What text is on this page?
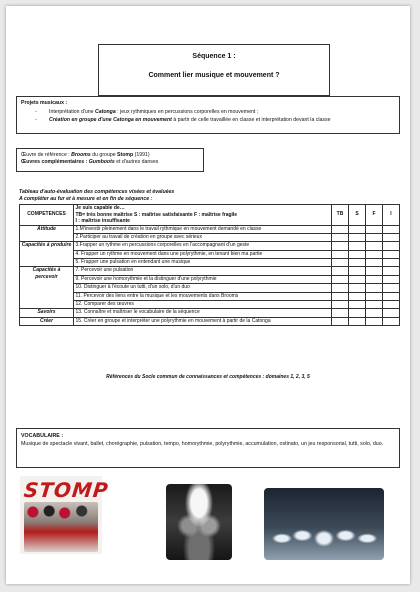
Séquence 1 :
Comment lier musique et mouvement ?
Projets musicaux :
- Interprétation d'une Catonga : jeux rythmiques en percussions corporelles en mouvement ;
- Création en groupe d'une Catonga en mouvement à partir de celle travaillée en classe et interprétation devant la classe
Œuvre de référence : Brooms du groupe Stomp (1991)
Œuvres complémentaires : Gumboots et d'autres danses
Tableau d'auto-évaluation des compétences visées et évaluées
A compléter au fur et à mesure et en fin de séquence :
COMPETENCES	Je suis capable de…
TB= très bonne maîtrise S : maîtrise satisfaisante F : maîtrise fragile
I : maîtrise insuffisante	TB	S	F	I
Attitude	1.M'investir pleinement dans le travail rythmique en mouvement demandé en classe				
	2.Participer au travail de création en groupe avec sérieux				
Capacités à produire	3.Frapper un rythme en percussions corporelles en l'accompagnant d'un geste				
	4. Frapper un rythme en mouvement dans une polyrythmie, en tenant bien ma partie				
	5. Frapper une pulsation en entendant une musique				
Capacités à percevoir	7. Percevoir une pulsation				
	9. Percevoir une homorythmie et la distinguer d'une polyrythmie				
	10. Distinguer à l'écoute un tutti, d'un solo, d'un duo				
	11. Percevoir des liens entre la musique et les mouvements dans Brooms				
	12. Comparer des œuvres				
Savoirs	13. Connaître et maîtriser le vocabulaire de la séquence				
Créer	15. Créer en groupe et interpréter une polyrythmie en mouvement à partir de la Catonga				
Références du Socle commun de connaissances et compétences : domaines 1, 2, 3, 5
VOCABULAIRE :
Musique de spectacle vivant, ballet, chorégraphie, pulsation, tempo, homorythmie, polyrythmie, accumulation, ostinato, un jeu responsorial, tutti, solo, duo.
STOMP
